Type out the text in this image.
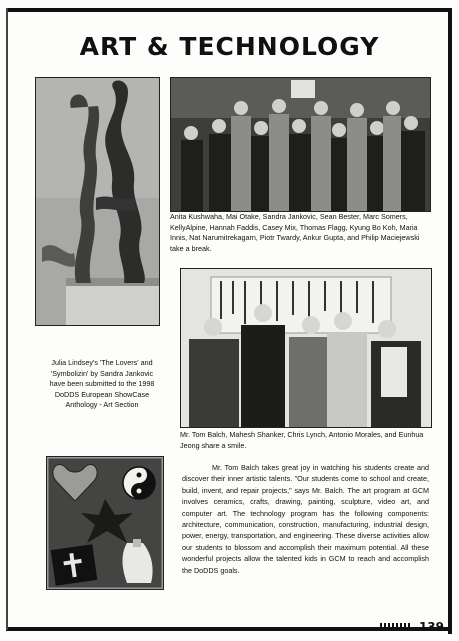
ART & TECHNOLOGY
Anita Kushwaha, Mai Otake, Sandra Jankovic, Sean Bester, Marc Somers, KellyAlpine, Hannah Faddis, Casey Mix, Thomas Flagg, Kyung Bo Koh, Maria Innis, Nat Narumitrekagarn, Piotr Twardy, Ankur Gupta, and Philip Maciejewski take a break.
Mr. Tom Balch, Mahesh Shanker, Chris Lynch, Antonio Morales, and Eunhua Jeong share a smile.
Julia Lindsey's 'The Lovers' and 'Symbolizin' by Sandra Jankovic have been submitted to the 1998 DoDDS European ShowCase Anthology - Art Section
Mr. Tom Balch takes great joy in watching his students create and discover their inner artistic talents. "Our students come to school and create, build, invent, and repair projects," says Mr. Balch. The art program at GCM involves ceramics, crafts, drawing, painting, sculpture, video art, and computer art. The technology program has the following components: architecture, communication, construction, manufacturing, industrial design, power, energy, transportation, and engineering. These diverse activities allow our students to blossom and accomplish their maximum potential. All these wonderful projects allow the talented kids in GCM to reach and accomplish the DoDDS goals.
139
